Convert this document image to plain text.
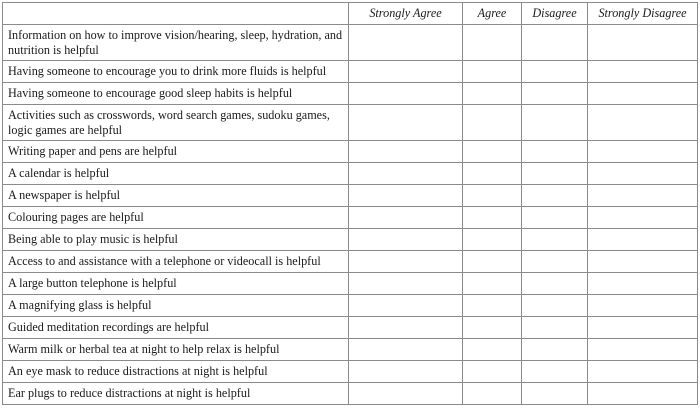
	Strongly Agree	Agree	Disagree	Strongly Disagree
Information on how to improve vision/hearing, sleep, hydration, and nutrition is helpful				
Having someone to encourage you to drink more fluids is helpful				
Having someone to encourage good sleep habits is helpful				
Activities such as crosswords, word search games, sudoku games, logic games are helpful				
Writing paper and pens are helpful				
A calendar is helpful				
A newspaper is helpful				
Colouring pages are helpful				
Being able to play music is helpful				
Access to and assistance with a telephone or videocall is helpful				
A large button telephone is helpful				
A magnifying glass is helpful				
Guided meditation recordings are helpful				
Warm milk or herbal tea at night to help relax is helpful				
An eye mask to reduce distractions at night is helpful				
Ear plugs to reduce distractions at night is helpful				
